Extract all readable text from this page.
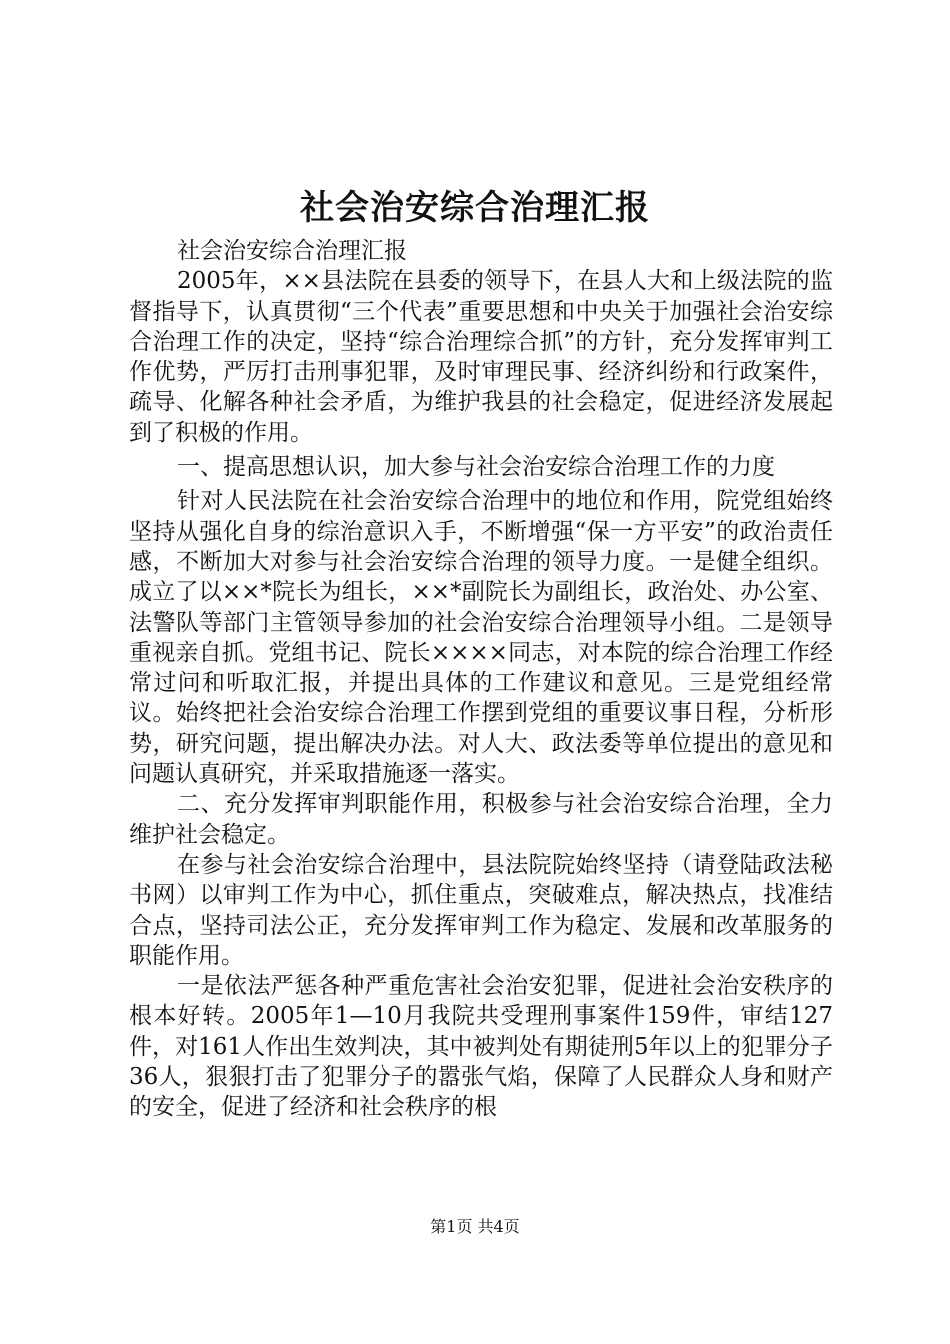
社会治安综合治理汇报

社会治安综合治理汇报

2005年，××县法院在县委的领导下，在县人大和上级法院的监督指导下，认真贯彻“三个代表”重要思想和中央关于加强社会治安综合治理工作的决定，坚持“综合治理综合抓”的方针，充分发挥审判工作优势，严厉打击刑事犯罪，及时审理民事、经济纠纷和行政案件，疏导、化解各种社会矛盾，为维护我县的社会稳定，促进经济发展起到了积极的作用。

一、提高思想认识，加大参与社会治安综合治理工作的力度

针对人民法院在社会治安综合治理中的地位和作用，院党组始终坚持从强化自身的综治意识入手，不断增强“保一方平安”的政治责任感，不断加大对参与社会治安综合治理的领导力度。一是健全组织。成立了以××*院长为组长，××*副院长为副组长，政治处、办公室、法警队等部门主管领导参加的社会治安综合治理领导小组。二是领导重视亲自抓。党组书记、院长××××同志，对本院的综合治理工作经常过问和听取汇报，并提出具体的工作建议和意见。三是党组经常议。始终把社会治安综合治理工作摆到党组的重要议事日程，分析形势，研究问题，提出解决办法。对人大、政法委等单位提出的意见和问题认真研究，并采取措施逐一落实。

二、充分发挥审判职能作用，积极参与社会治安综合治理，全力维护社会稳定。

在参与社会治安综合治理中，县法院院始终坚持（请登陆政法秘书网）以审判工作为中心，抓住重点，突破难点，解决热点，找准结合点，坚持司法公正，充分发挥审判工作为稳定、发展和改革服务的职能作用。

一是依法严惩各种严重危害社会治安犯罪，促进社会治安秩序的根本好转。2005年1—10月我院共受理刑事案件159件，审结127件，对161人作出生效判决，其中被判处有期徒刑5年以上的犯罪分子36人，狠狠打击了犯罪分子的嚣张气焰，保障了人民群众人身和财产的安全，促进了经济和社会秩序的根

第1页 共4页
